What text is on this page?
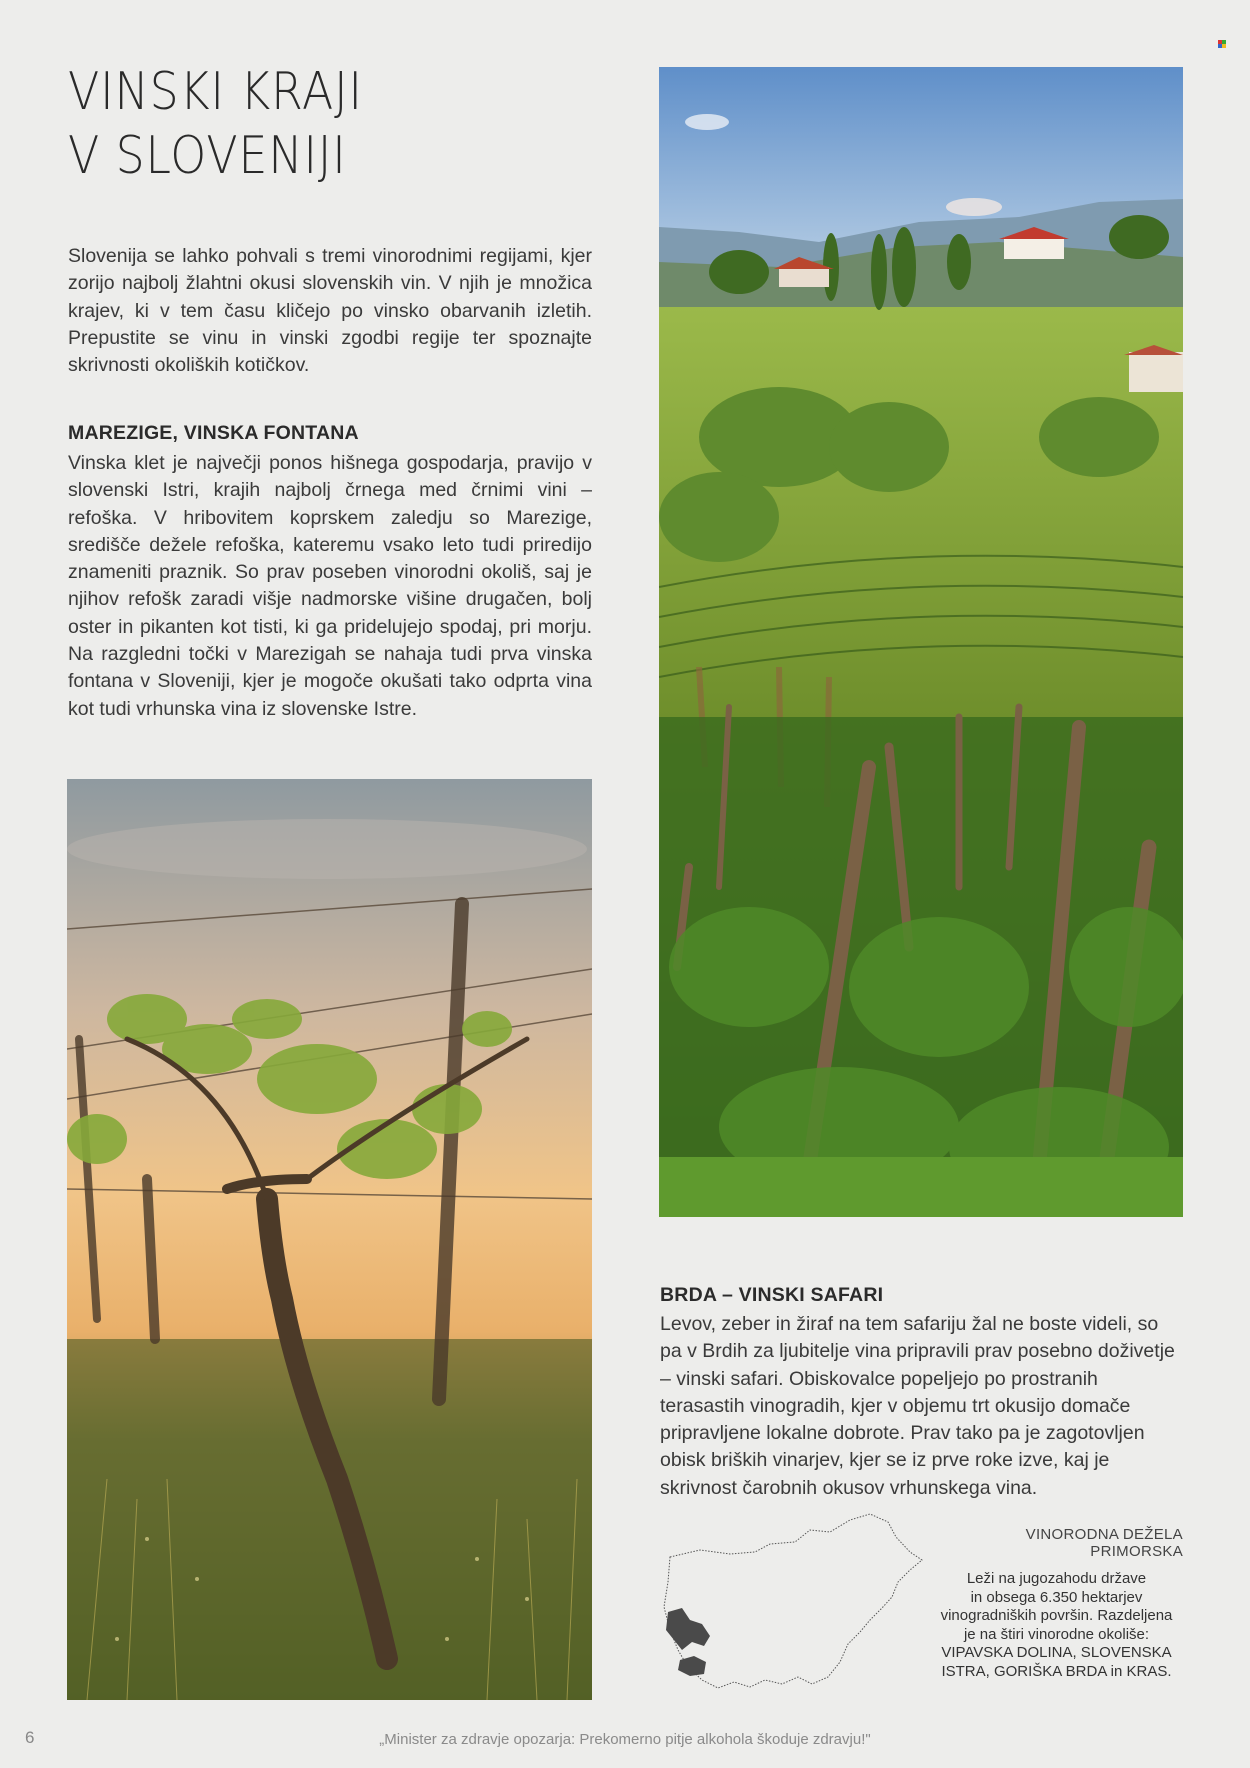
VINSKI KRAJI
V SLOVENIJI

Slovenija se lahko pohvali s tremi vinorodnimi regijami, kjer zorijo najbolj žlahtni okusi slovenskih vin. V njih je množica krajev, ki v tem času kličejo po vinsko obarvanih izletih. Prepustite se vinu in vinski zgodbi regije ter spoznajte skrivnosti okoliških kotičkov.

MAREZIGE, VINSKA FONTANA

Vinska klet je največji ponos hišnega gospodarja, pravijo v slovenski Istri, krajih najbolj črnega med črnimi vini – refoška. V hribovitem koprskem zaledju so Marezige, središče dežele refoška, kateremu vsako leto tudi priredijo znameniti praznik. So prav poseben vinorodni okoliš, saj je njihov refošk zaradi višje nadmorske višine drugačen, bolj oster in pikanten kot tisti, ki ga pridelujejo spodaj, pri morju. Na razgledni točki v Marezigah se nahaja tudi prva vinska fontana v Sloveniji, kjer je mogoče okušati tako odprta vina kot tudi vrhunska vina iz slovenske Istre.

BRDA – VINSKI SAFARI

Levov, zeber in žiraf na tem safariju žal ne boste videli, so pa v Brdih za ljubitelje vina pripravili prav posebno doživetje – vinski safari. Obiskovalce popeljejo po prostranih terasastih vinogradih, kjer v objemu trt okusijo domače pripravljene lokalne dobrote. Prav tako pa je zagotovljen obisk briških vinarjev, kjer se iz prve roke izve, kaj je skrivnost čarobnih okusov vrhunskega vina.

VINORODNA DEŽELA PRIMORSKA

Leži na jugozahodu države
in obsega 6.350 hektarjev
vinogradniških površin. Razdeljena
je na štiri vinorodne okoliše:
VIPAVSKA DOLINA, SLOVENSKA
ISTRA, GORIŠKA BRDA in KRAS.
6	„Minister za zdravje opozarja: Prekomerno pitje alkohola škoduje zdravju!"
